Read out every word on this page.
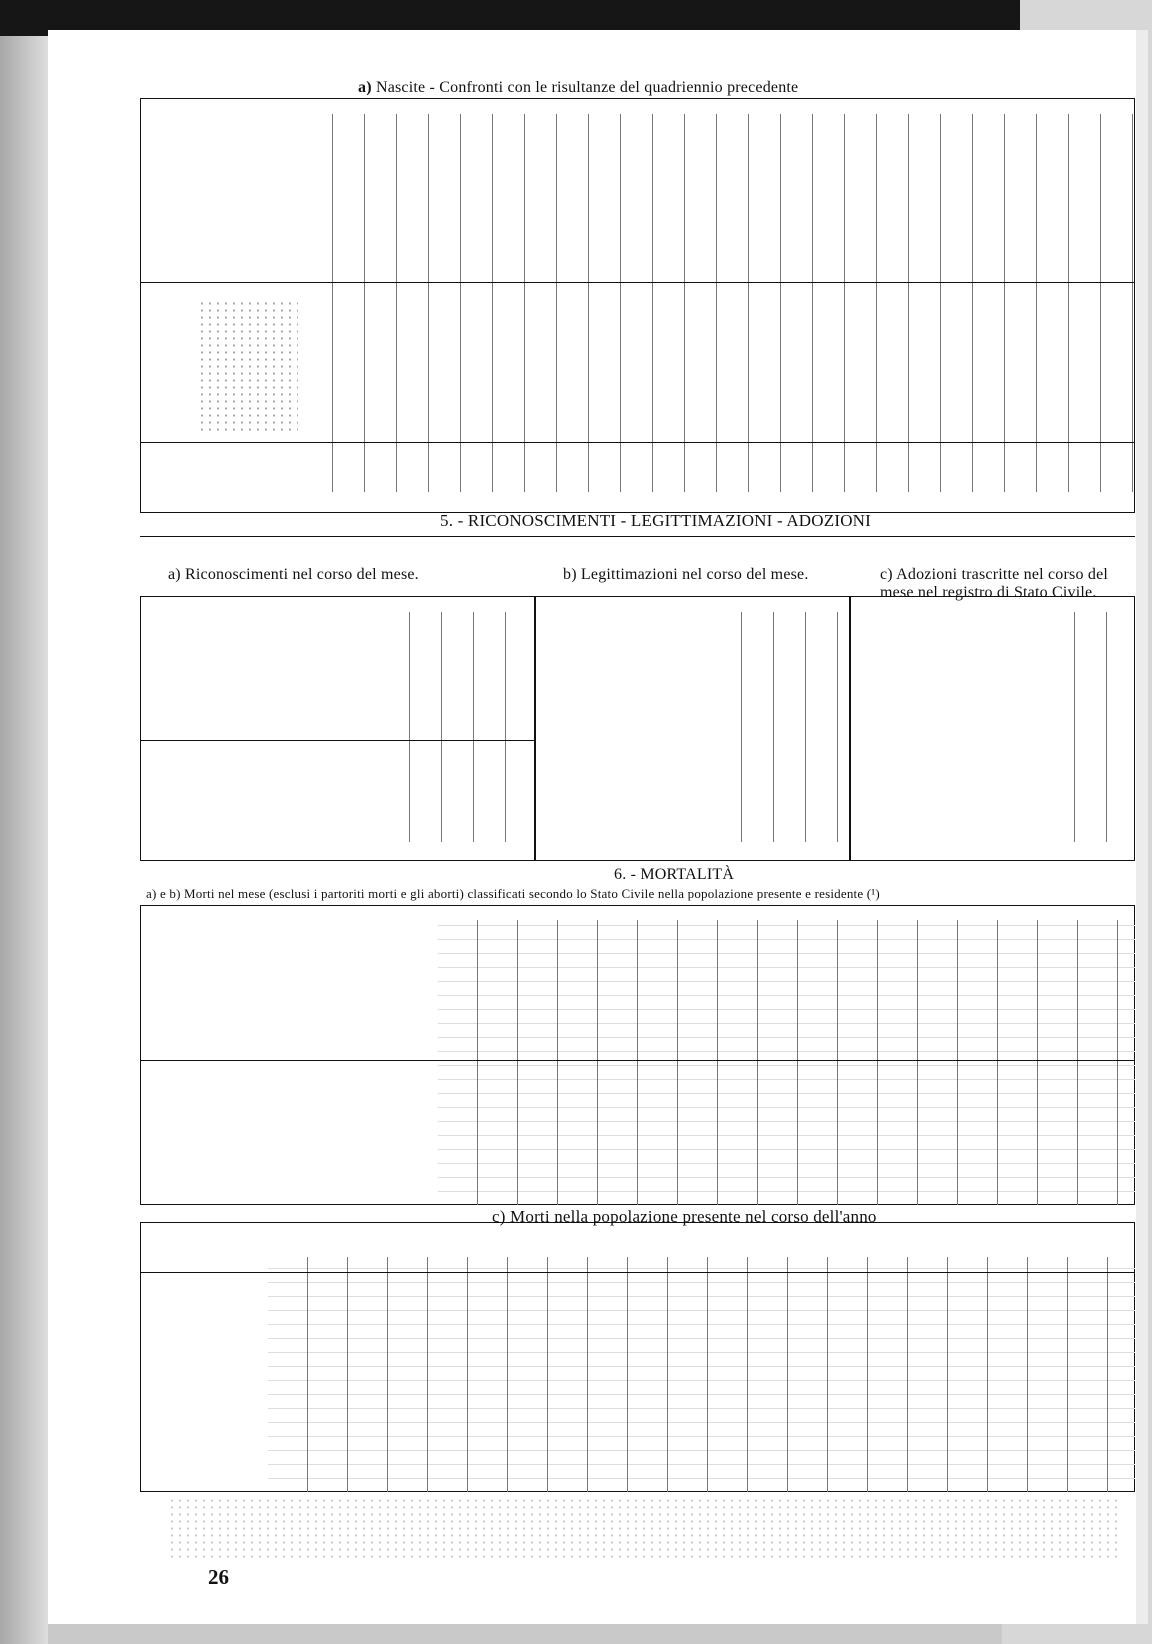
a) Nascite - Confronti con le risultanze del quadriennio precedente
5. - RICONOSCIMENTI - LEGITTIMAZIONI - ADOZIONI
a) Riconoscimenti nel corso del mese.	b) Legittimazioni nel corso del mese.	c) Adozioni trascritte nel corso del mese nel registro di Stato Civile.
6. - MORTALITÀ
a) e b) Morti nel mese (esclusi i partoriti morti e gli aborti) classificati secondo lo Stato Civile nella popolazione presente e residente (¹)
c) Morti nella popolazione presente nel corso dell'anno
26
